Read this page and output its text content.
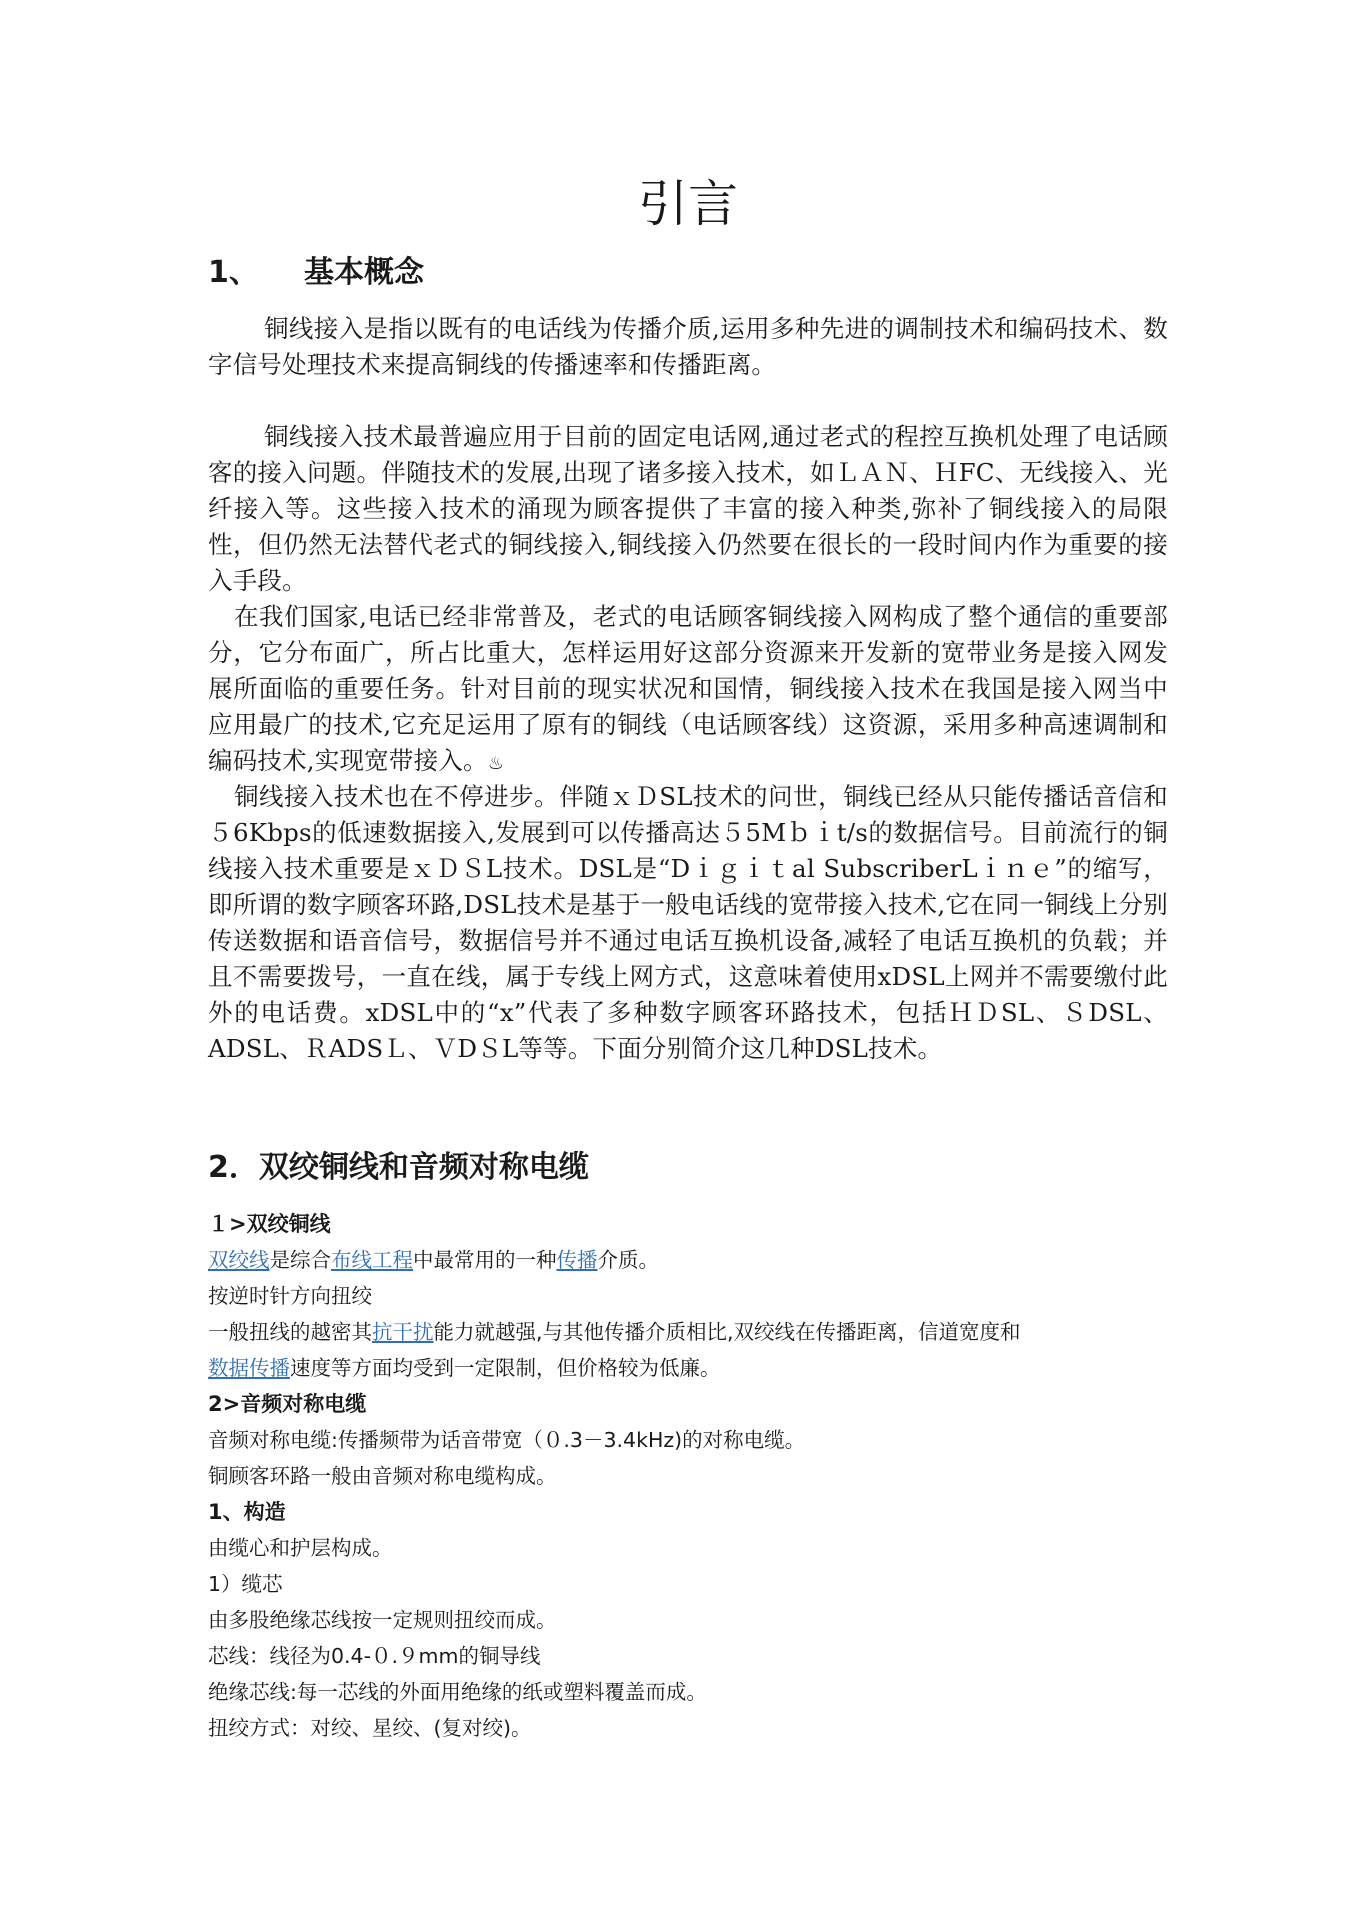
引言
1、 基本概念

铜线接入是指以既有的电话线为传播介质,运用多种先进的调制技术和编码技术、数字信号处理技术来提高铜线的传播速率和传播距离。

铜线接入技术最普遍应用于目前的固定电话网,通过老式的程控互换机处理了电话顾客的接入问题。伴随技术的发展,出现了诸多接入技术，如ＬＡＮ、ＨFC、无线接入、光纤接入等。这些接入技术的涌现为顾客提供了丰富的接入种类,弥补了铜线接入的局限性，但仍然无法替代老式的铜线接入,铜线接入仍然要在很长的一段时间内作为重要的接入手段。

在我们国家,电话已经非常普及，老式的电话顾客铜线接入网构成了整个通信的重要部分，它分布面广，所占比重大，怎样运用好这部分资源来开发新的宽带业务是接入网发展所面临的重要任务。针对目前的现实状况和国情，铜线接入技术在我国是接入网当中应用最广的技术,它充足运用了原有的铜线（电话顾客线）这资源，采用多种高速调制和编码技术,实现宽带接入。♨

铜线接入技术也在不停进步。伴随ｘＤSL技术的问世，铜线已经从只能传播话音信和５6Kbps的低速数据接入,发展到可以传播高达５5Mｂｉt/s的数据信号。目前流行的铜线接入技术重要是ｘＤＳL技术。DSL是“Dｉｇｉｔal SubscriberLｉｎｅ”的缩写，即所谓的数字顾客环路,DSL技术是基于一般电话线的宽带接入技术,它在同一铜线上分别传送数据和语音信号，数据信号并不通过电话互换机设备,减轻了电话互换机的负载；并且不需要拨号，一直在线，属于专线上网方式，这意味着使用xDSL上网并不需要缴付此外的电话费。xDSL中的“x”代表了多种数字顾客环路技术，包括ＨＤSL、ＳDSL、ADSL、ＲADSＬ、ＶDＳL等等。下面分别简介这几种DSL技术。

2．双绞铜线和音频对称电缆

１>双绞铜线

双绞线是综合布线工程中最常用的一种传播介质。

按逆时针方向扭绞

一般扭线的越密其抗干扰能力就越强,与其他传播介质相比,双绞线在传播距离，信道宽度和

数据传播速度等方面均受到一定限制，但价格较为低廉。

2>音频对称电缆

音频对称电缆:传播频带为话音带宽（０.3－3.4kHz)的对称电缆。

铜顾客环路一般由音频对称电缆构成。

1、构造

由缆心和护层构成。

1）缆芯

由多股绝缘芯线按一定规则扭绞而成。

芯线：线径为0.4-０.９mm的铜导线

绝缘芯线:每一芯线的外面用绝缘的纸或塑料覆盖而成。

扭绞方式：对绞、星绞、(复对绞)。
